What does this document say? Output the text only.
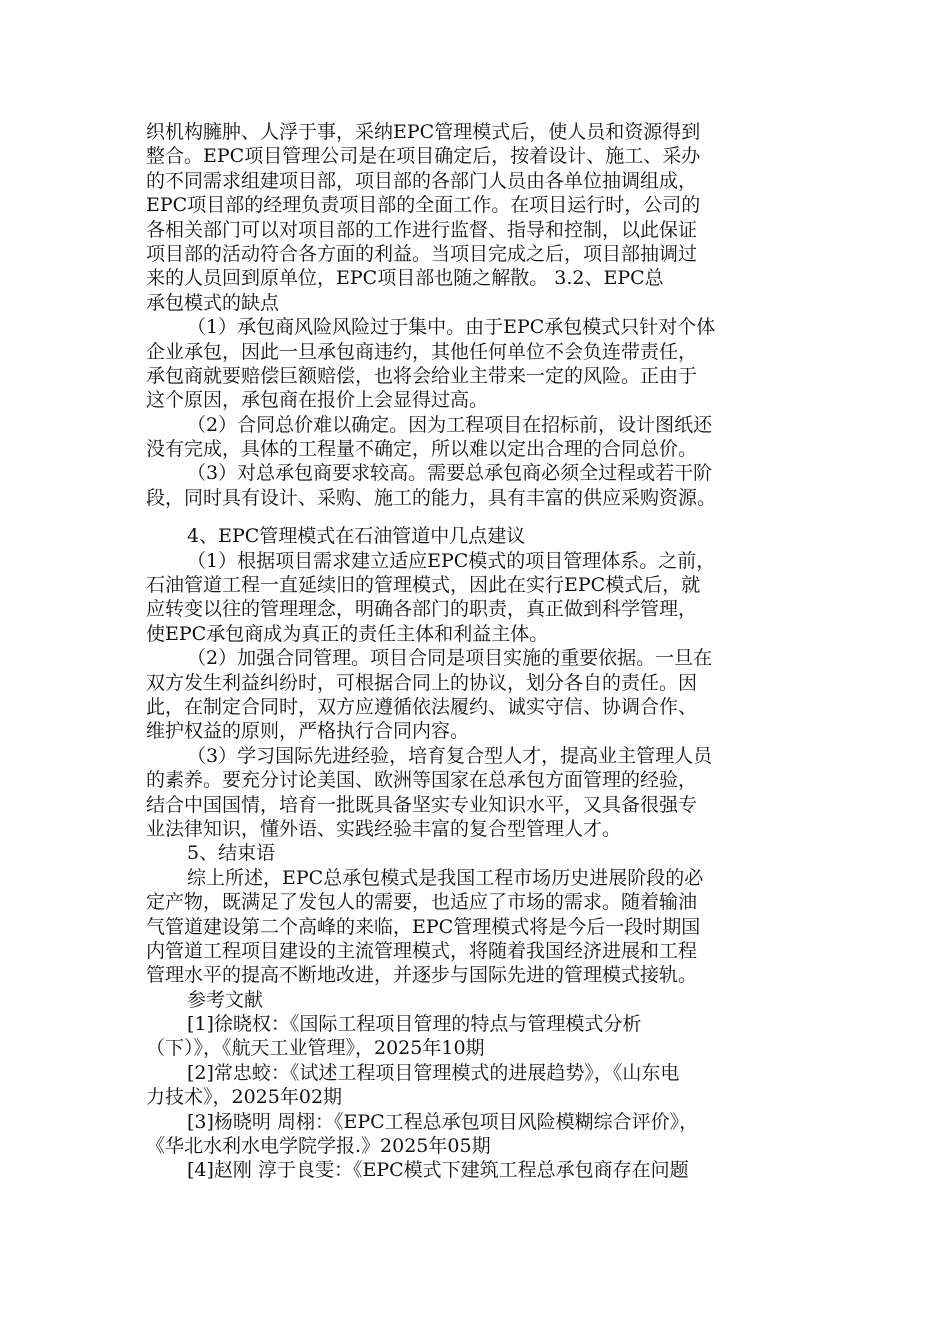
织机构臃肿、人浮于事，采纳EPC管理模式后，使人员和资源得到
整合。EPC项目管理公司是在项目确定后，按着设计、施工、采办
的不同需求组建项目部，项目部的各部门人员由各单位抽调组成，
EPC项目部的经理负责项目部的全面工作。在项目运行时，公司的
各相关部门可以对项目部的工作进行监督、指导和控制，以此保证
项目部的活动符合各方面的利益。当项目完成之后，项目部抽调过
来的人员回到原单位，EPC项目部也随之解散。 3.2、EPC总
承包模式的缺点
（1）承包商风险风险过于集中。由于EPC承包模式只针对个体
企业承包，因此一旦承包商违约，其他任何单位不会负连带责任，
承包商就要赔偿巨额赔偿，也将会给业主带来一定的风险。正由于
这个原因，承包商在报价上会显得过高。
（2）合同总价难以确定。因为工程项目在招标前，设计图纸还
没有完成，具体的工程量不确定，所以难以定出合理的合同总价。
（3）对总承包商要求较高。需要总承包商必须全过程或若干阶
段，同时具有设计、采购、施工的能力，具有丰富的供应采购资源。
4、EPC管理模式在石油管道中几点建议
（1）根据项目需求建立适应EPC模式的项目管理体系。之前，
石油管道工程一直延续旧的管理模式，因此在实行EPC模式后，就
应转变以往的管理理念，明确各部门的职责，真正做到科学管理，
使EPC承包商成为真正的责任主体和利益主体。
（2）加强合同管理。项目合同是项目实施的重要依据。一旦在
双方发生利益纠纷时，可根据合同上的协议，划分各自的责任。因
此，在制定合同时，双方应遵循依法履约、诚实守信、协调合作、
维护权益的原则，严格执行合同内容。
（3）学习国际先进经验，培育复合型人才，提高业主管理人员
的素养。要充分讨论美国、欧洲等国家在总承包方面管理的经验，
结合中国国情，培育一批既具备坚实专业知识水平，又具备很强专
业法律知识，懂外语、实践经验丰富的复合型管理人才。
5、结束语
综上所述，EPC总承包模式是我国工程市场历史进展阶段的必
定产物，既满足了发包人的需要，也适应了市场的需求。随着输油
气管道建设第二个高峰的来临，EPC管理模式将是今后一段时期国
内管道工程项目建设的主流管理模式，将随着我国经济进展和工程
管理水平的提高不断地改进，并逐步与国际先进的管理模式接轨。
参考文献
[1]徐晓权：《国际工程项目管理的特点与管理模式分析
（下）》，《航天工业管理》，2025年10期
[2]常忠蛟：《试述工程项目管理模式的进展趋势》，《山东电
力技术》，2025年02期
[3]杨晓明 周栩：《EPC工程总承包项目风险模糊综合评价》，
《华北水利水电学院学报.》2025年05期
[4]赵刚 淳于良雯：《EPC模式下建筑工程总承包商存在问题
